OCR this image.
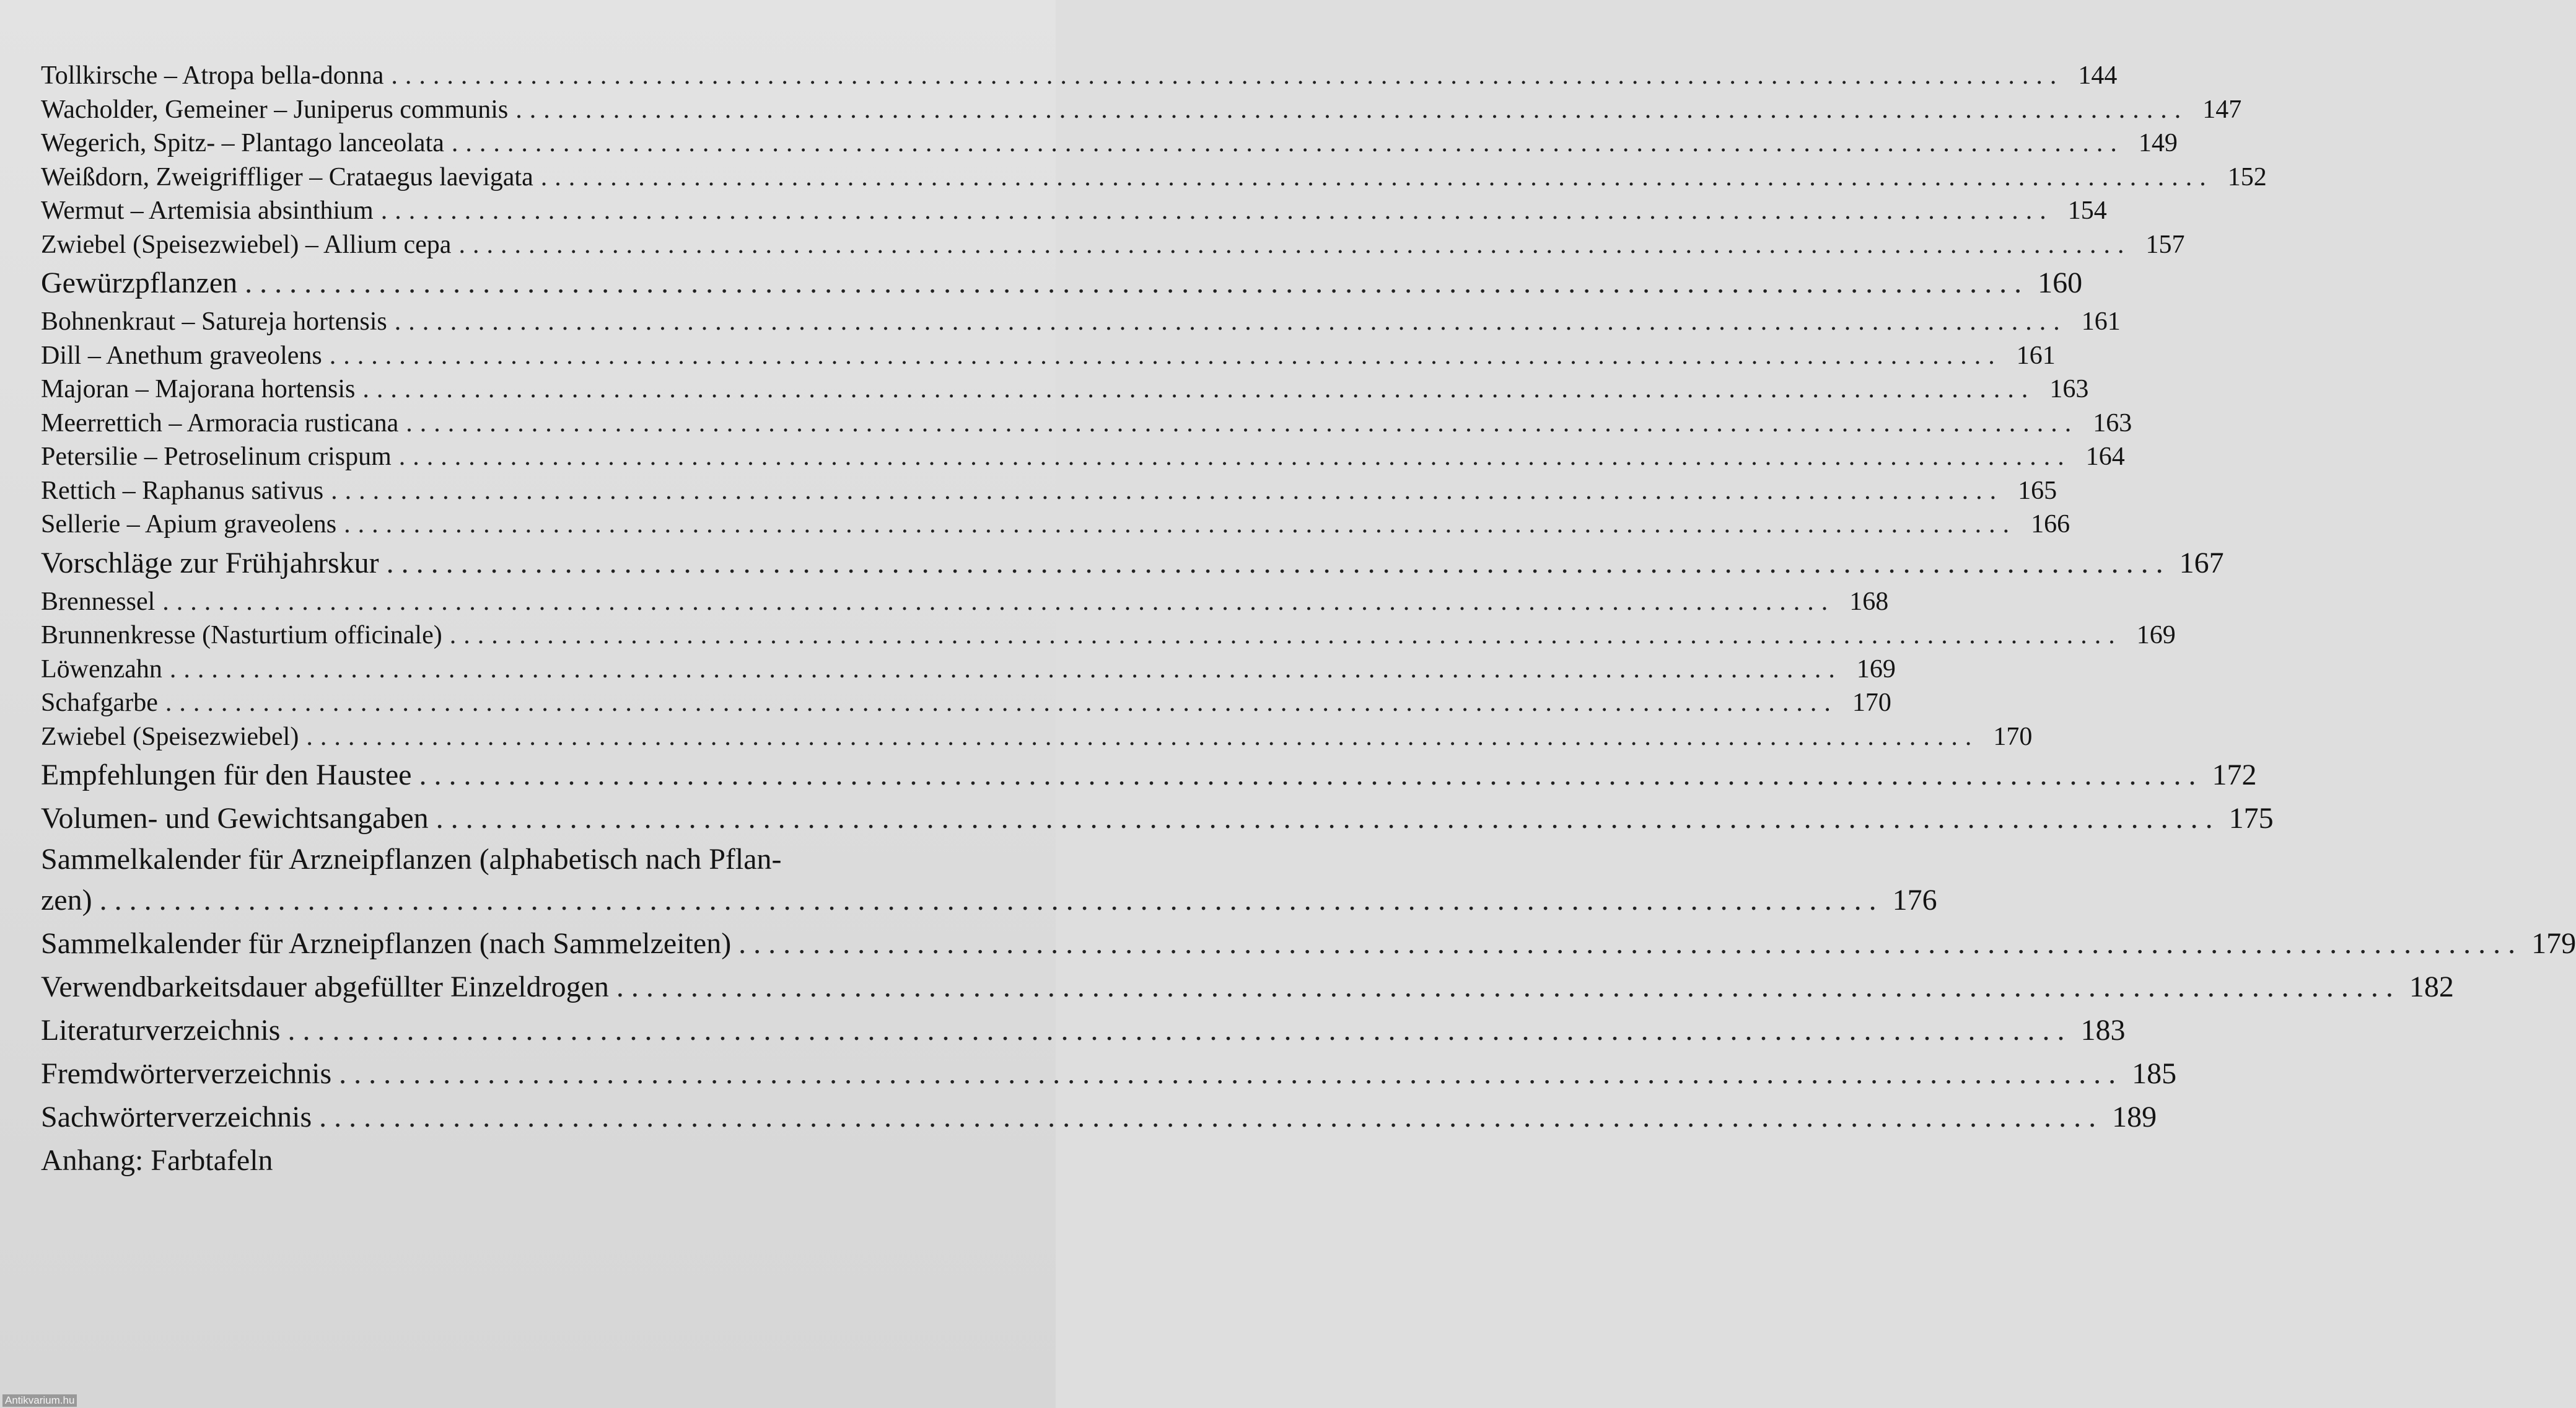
Tollkirsche – Atropa bella-donna ........................................................................................................................ 144
Wacholder, Gemeiner – Juniperus communis ........................................................................................................................ 147
Wegerich, Spitz- – Plantago lanceolata ........................................................................................................................ 149
Weißdorn, Zweigriffliger – Crataegus laevigata ........................................................................................................................ 152
Wermut – Artemisia absinthium ........................................................................................................................ 154
Zwiebel (Speisezwiebel) – Allium cepa ........................................................................................................................ 157
Gewürzpflanzen ........................................................................................................................ 160
Bohnenkraut – Satureja hortensis ........................................................................................................................ 161
Dill – Anethum graveolens ........................................................................................................................ 161
Majoran – Majorana hortensis ........................................................................................................................ 163
Meerrettich – Armoracia rusticana ........................................................................................................................ 163
Petersilie – Petroselinum crispum ........................................................................................................................ 164
Rettich – Raphanus sativus ........................................................................................................................ 165
Sellerie – Apium graveolens ........................................................................................................................ 166
Vorschläge zur Frühjahrskur ........................................................................................................................ 167
Brennessel ........................................................................................................................ 168
Brunnenkresse (Nasturtium officinale) ........................................................................................................................ 169
Löwenzahn ........................................................................................................................ 169
Schafgarbe ........................................................................................................................ 170
Zwiebel (Speisezwiebel) ........................................................................................................................ 170
Empfehlungen für den Haustee ........................................................................................................................ 172
Volumen- und Gewichtsangaben ........................................................................................................................ 175
Sammelkalender für Arzneipflanzen (alphabetisch nach Pflan-
zen) ........................................................................................................................ 176
Sammelkalender für Arzneipflanzen (nach Sammelzeiten) ........................................................................................................................ 179
Verwendbarkeitsdauer abgefüllter Einzeldrogen ........................................................................................................................ 182
Literaturverzeichnis ........................................................................................................................ 183
Fremdwörterverzeichnis ........................................................................................................................ 185
Sachwörterverzeichnis ........................................................................................................................ 189
Anhang: Farbtafeln
Antikvarium.hu
